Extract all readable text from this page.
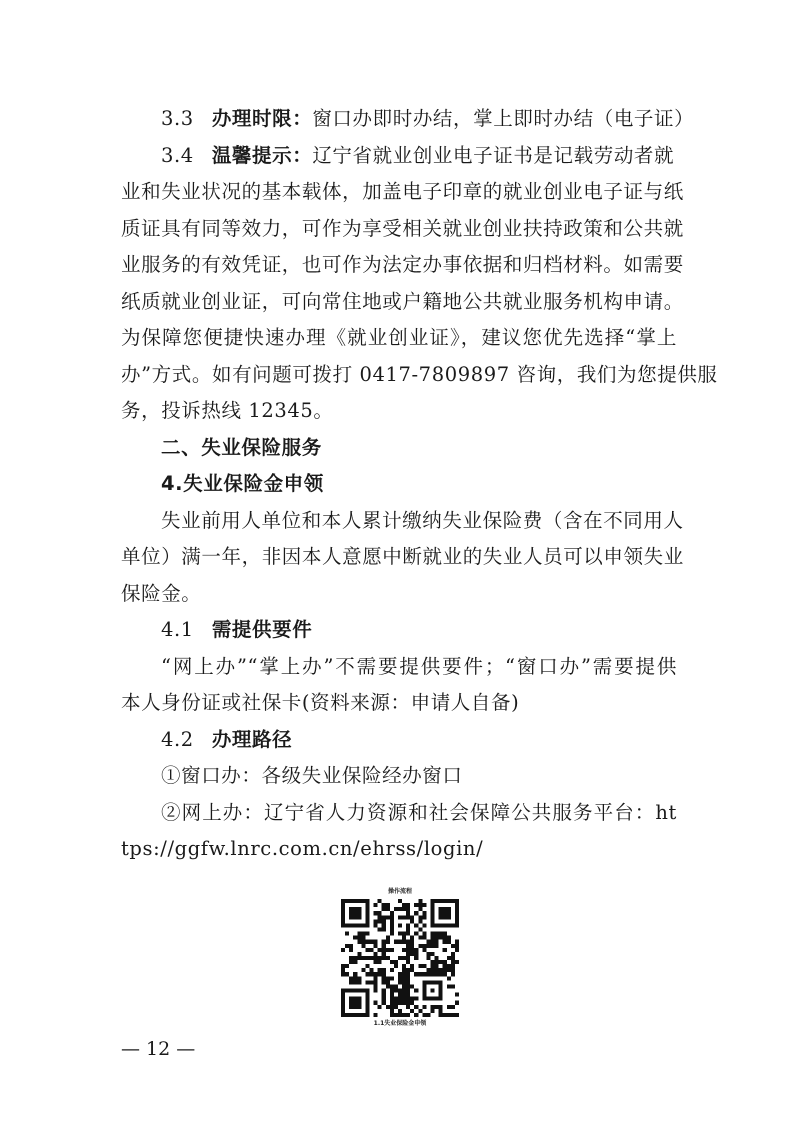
3.3 办理时限：窗口办即时办结，掌上即时办结（电子证）
3.4 温馨提示：辽宁省就业创业电子证书是记载劳动者就
业和失业状况的基本载体，加盖电子印章的就业创业电子证与纸
质证具有同等效力，可作为享受相关就业创业扶持政策和公共就
业服务的有效凭证，也可作为法定办事依据和归档材料。如需要
纸质就业创业证，可向常住地或户籍地公共就业服务机构申请。
为保障您便捷快速办理《就业创业证》，建议您优先选择“掌上
办”方式。如有问题可拨打 0417-7809897 咨询，我们为您提供服
务，投诉热线 12345。
二、失业保险服务
4.失业保险金申领
失业前用人单位和本人累计缴纳失业保险费（含在不同用人
单位）满一年，非因本人意愿中断就业的失业人员可以申领失业
保险金。
4.1 需提供要件
“网上办”“掌上办”不需要提供要件；“窗口办”需要提供
本人身份证或社保卡(资料来源：申请人自备)
4.2 办理路径
①窗口办：各级失业保险经办窗口
②网上办：辽宁省人力资源和社会保障公共服务平台：ht
tps://ggfw.lnrc.com.cn/ehrss/login/
操作流程
1.1失业保险金申领
— 12 —
